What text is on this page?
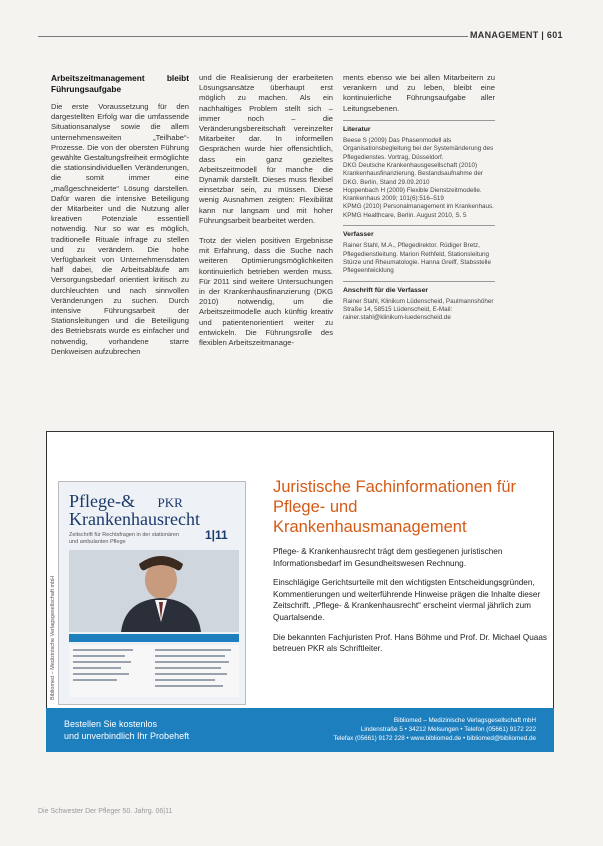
MANAGEMENT | 601
Arbeitszeitmanagement bleibt Führungsaufgabe

Die erste Voraussetzung für den dargestellten Erfolg war die umfassende Situationsanalyse sowie die allem unternehmensweiten „Teilhabe“-Prozesse. Die von der obersten Führung gewählte Gestaltungsfreiheit ermöglichte die stationsindividuellen Veränderungen, die somit immer eine „maßgeschneiderte“ Lösung darstellen. Dafür waren die intensive Beteiligung der Mitarbeiter und die Nutzung aller kreativen Potenziale essentiell notwendig. Nur so war es möglich, traditionelle Rituale infrage zu stellen und zu verändern. Die hohe Verfügbarkeit von Unternehmensdaten half dabei, die Arbeitsabläufe am Versorgungsbedarf orientiert kritisch zu durchleuchten und nach sinnvollen Veränderungen zu suchen. Durch intensive Führungsarbeit der Stationsleitungen und die Beteiligung des Betriebsrats wurde es einfacher und notwendig, vorhandene starre Denkweisen aufzubrechen

und die Realisierung der erarbeiteten Lösungsansätze überhaupt erst möglich zu machen. Als ein nachhaltiges Problem stellt sich – immer noch – die Veränderungsbereitschaft vereinzelter Mitarbeiter dar. In informellen Gesprächen wurde hier offensichtlich, dass ein ganz gezieltes Arbeitszeitmodell für manche die Dynamik darstellt. Dieses muss flexibel einsetzbar sein, zu müssen. Diese wenig Ausnahmen zeigten: Flexibilität kann nur langsam und mit hoher Führungsarbeit bearbeitet werden.

Trotz der vielen positiven Ergebnisse mit Erfahrung, dass die Suche nach weiteren Optimierungsmöglichkeiten kontinuierlich betrieben werden muss. Für 2011 sind weitere Untersuchungen in der Krankenhausfinanzierung (DKG 2010) notwendig, um die Arbeitszeitmodelle auch künftig kreativ und patientenorientiert weiter zu entwickeln. Die Führungsrolle des flexiblen Arbeitszeitmanage-

ments ebenso wie bei allen Mitarbeitern zu verankern und zu leben, bleibt eine kontinuierliche Führungsaufgabe aller Leitungsebenen.

Literatur
Beese S (2009) Das Phasenmodell als Organisationsbegleitung bei der Systemänderung des Pflegedienstes. Vortrag, Düsseldorf.
DKG Deutsche Krankenhausgesellschaft (2010) Krankenhausfinanzierung. Bestandsaufnahme der DKG. Berlin, Stand 29.09.2010
Hoppenbach H (2009) Flexible Dienstzeitmodelle. Krankenhaus 2009; 101(6):516–519
KPMG (2010) Personalmanagement im Krankenhaus. KPMG Healthcare, Berlin. August 2010, S. 5
Verfasser
Rainer Stahl, M.A., Pflegedirektor. Rüdiger Bretz, Pflegedienstleitung. Marion Rethfeld, Stationsleitung Stürze und Rheumatologie. Hanna Greiff, Stabsstelle Pflegeentwicklung
Anschrift für die Verfasser
Rainer Stahl, Klinikum Lüdenscheid, Paulmannshöher Straße 14, 58515 Lüdenscheid, E-Mail: rainer.stahl@klinikum-luedenscheid.de
Pflege-& PKR
Krankenhausrecht
1|11
Zeitschrift für Rechtsfragen in der stationären und ambulanten Pflege
Bibliomed – Medizinische Verlagsgesellschaft mbH
Juristische Fachinformationen für Pflege- und Krankenhausmanagement

Pflege- & Krankenhausrecht trägt dem gestiegenen juristischen Informationsbedarf im Gesundheitswesen Rechnung.

Einschlägige Gerichtsurteile mit den wichtigsten Entscheidungsgründen, Kommentierungen und weiterführende Hinweise prägen die Inhalte dieser Zeitschrift. „Pflege- & Krankenhausrecht“ erscheint viermal jährlich zum Quartalsende.

Die bekannten Fachjuristen Prof. Hans Böhme und Prof. Dr. Michael Quaas betreuen PKR als Schriftleiter.

Bestellen Sie kostenlos
und unverbindlich Ihr Probeheft
Bibliomed – Medizinische Verlagsgesellschaft mbH
Lindenstraße 5 • 34212 Melsungen • Telefon (05661) 9172 222
Telefax (05661) 9172 228 • www.bibliomed.de • bibliomed@bibliomed.de
Die Schwester Der Pfleger 50. Jahrg. 06|11
